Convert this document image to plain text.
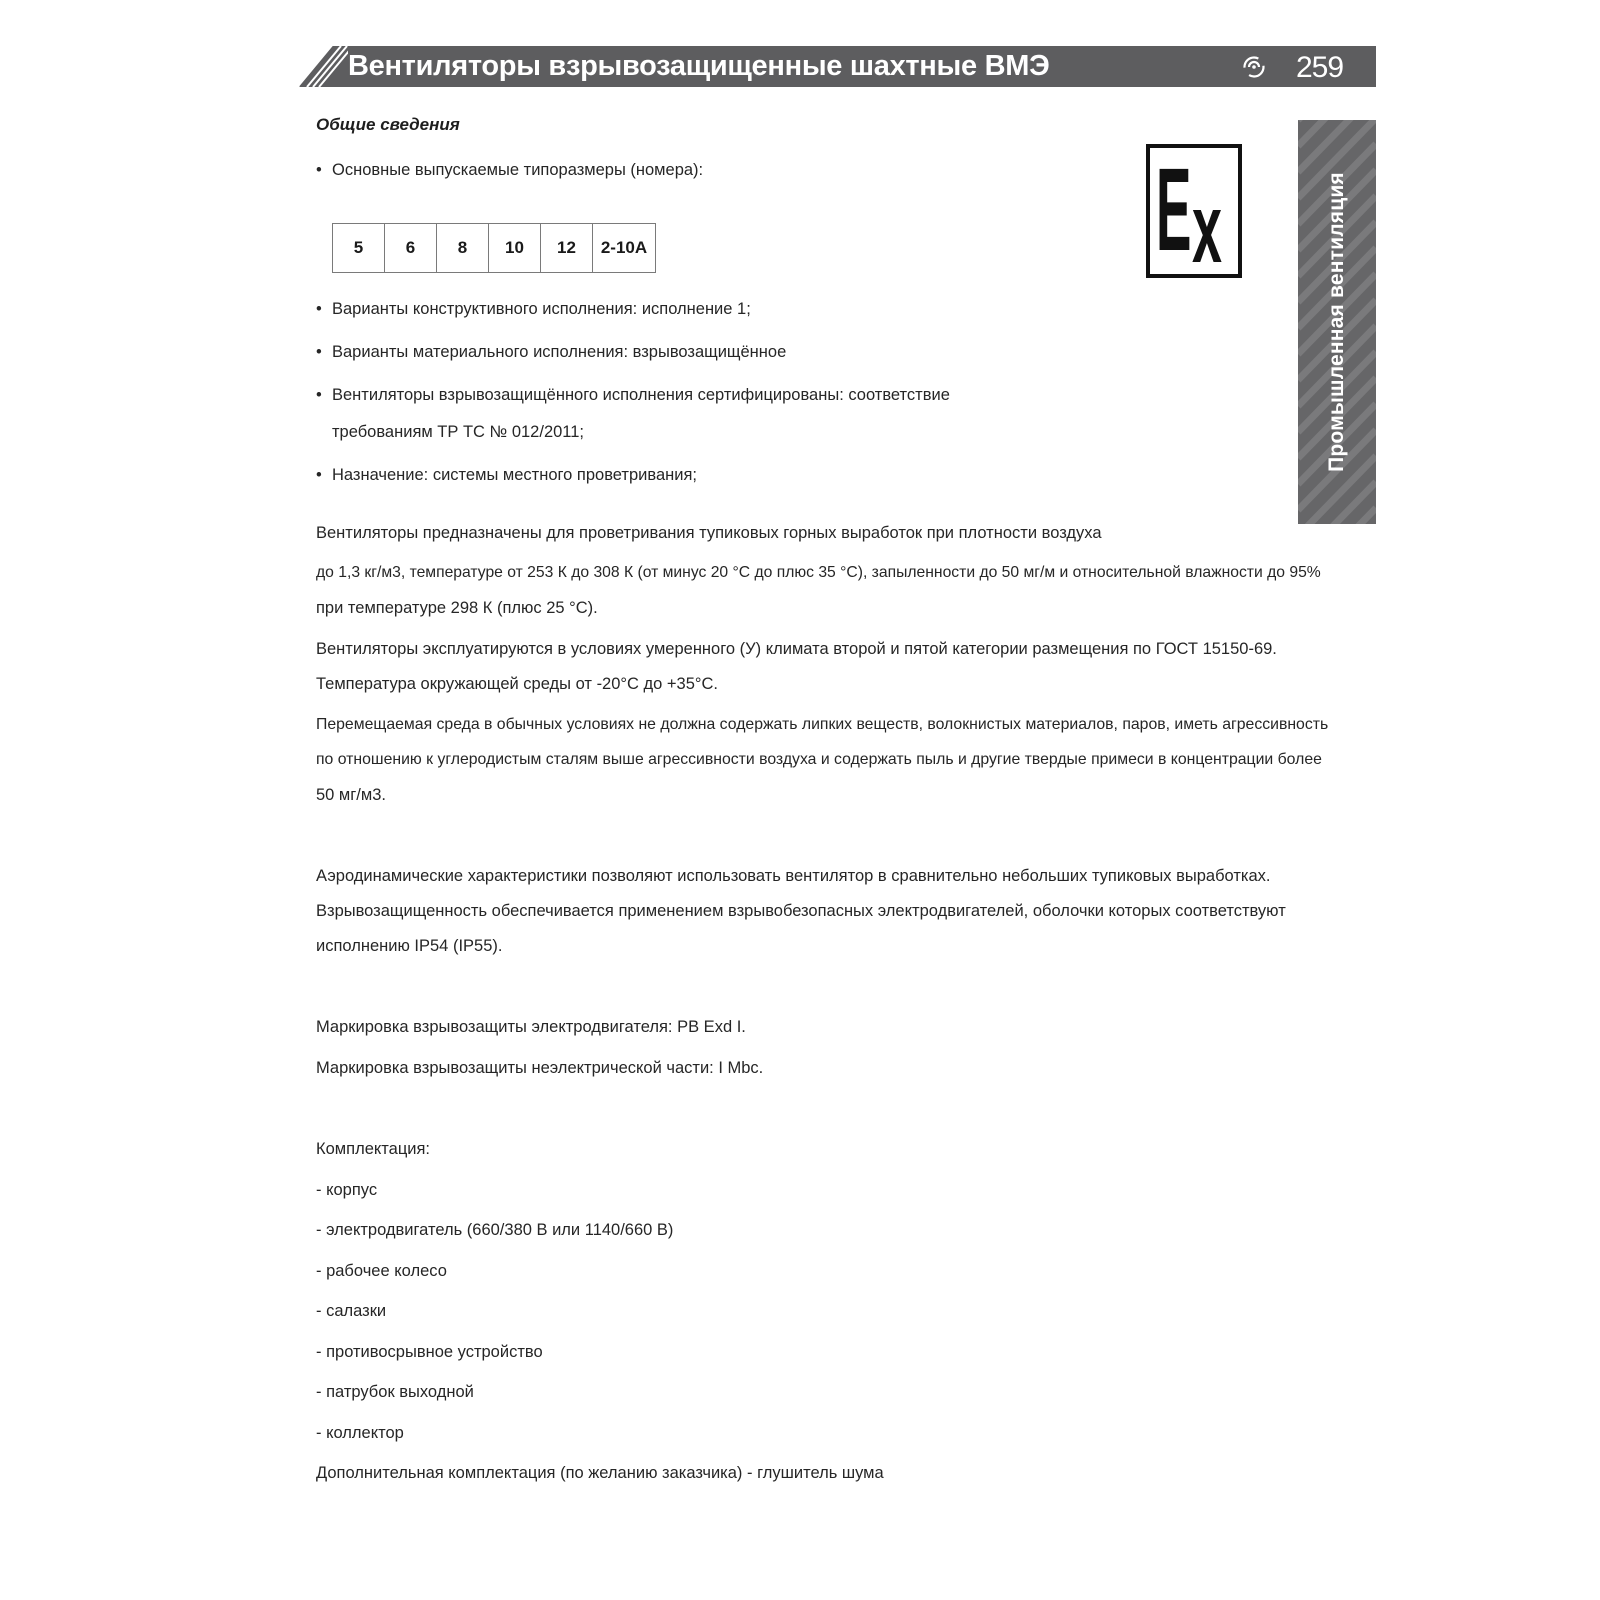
Вентиляторы взрывозащищенные шахтные ВМЭ	259
Промышленная вентиляция
E x
Общие сведения
• Основные выпускаемые типоразмеры (номера):
5	6	8	10	12	2-10А
• Варианты конструктивного исполнения: исполнение 1;
• Варианты материального исполнения: взрывозащищённое
• Вентиляторы взрывозащищённого исполнения сертифицированы: соответствие
требованиям ТР ТС № 012/2011;
• Назначение: системы местного проветривания;
Вентиляторы предназначены для проветривания тупиковых горных выработок при плотности воздуха
до 1,3 кг/м3, температуре от 253 К до 308 К (от минус 20 °С до плюс 35 °С), запыленности до 50 мг/м и относительной влажности до 95%
при температуре 298 К (плюс 25 °С).
Вентиляторы эксплуатируются в условиях умеренного (У) климата второй и пятой категории размещения по ГОСТ 15150-69.
Температура окружающей среды от -20°С до +35°С.
Перемещаемая среда в обычных условиях не должна содержать липких веществ, волокнистых материалов, паров, иметь агрессивность
по отношению к углеродистым сталям выше агрессивности воздуха и содержать пыль и другие твердые примеси в концентрации более
50 мг/м3.
Аэродинамические характеристики позволяют использовать вентилятор в сравнительно небольших тупиковых выработках.
Взрывозащищенность обеспечивается применением взрывобезопасных электродвигателей, оболочки которых соответствуют
исполнению IP54 (IP55).
Маркировка взрывозащиты электродвигателя: РВ Exd I.
Маркировка взрывозащиты неэлектрической части: I Mbc.
Комплектация:
- корпус
- электродвигатель (660/380 В или 1140/660 В)
- рабочее колесо
- салазки
- противосрывное устройство
- патрубок выходной
- коллектор
Дополнительная комплектация (по желанию заказчика) - глушитель шума
